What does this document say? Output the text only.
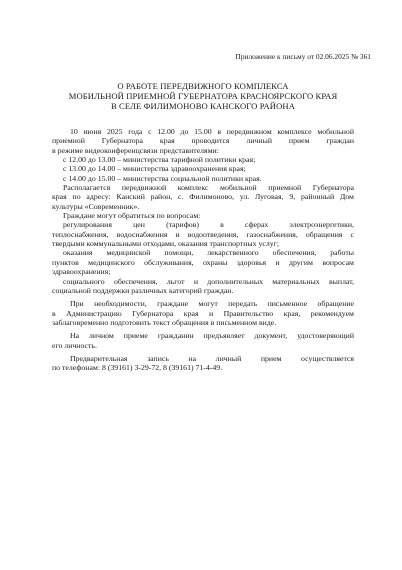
Приложение к письму от 02.06.2025 № 361
О РАБОТЕ ПЕРЕДВИЖНОГО КОМПЛЕКСА
МОБИЛЬНОЙ ПРИЕМНОЙ ГУБЕРНАТОРА КРАСНОЯРСКОГО КРАЯ
В СЕЛЕ ФИЛИМОНОВО КАНСКОГО РАЙОНА
10 июня 2025 года с 12.00 до 15.00 в передвижном комплексе мобильной
приемной Губернатора края проводится личный прием граждан
в режиме видеоконференцсвязи представителями:
с 12.00 до 13.00 – министерства тарифной политики края;
с 13.00 до 14.00 – министерства здравоохранения края;
с 14.00 до 15.00 – министерства социальной политики края.
Располагается передвижной комплекс мобильной приемной Губернатора
края по адресу: Канский район, с. Филимоново, ул. Луговая, 9, районный Дом
культуры «Современник».
Граждане могут обратиться по вопросам:
регулирования цен (тарифов) в сферах электроэнергетики,
теплоснабжения, водоснабжения и водоотведения, газоснабжения, обращения с
твердыми коммунальными отходами, оказания транспортных услуг;
оказания медицинской помощи, лекарственного обеспечения, работы
пунктов медицинского обслуживания, охраны здоровья и другим вопросам
здравоохранения;
социального обеспечения, льгот и дополнительных материальных выплат,
социальной поддержки различных категорий граждан.
При необходимости, граждане могут передать письменное обращение
в Администрацию Губернатора края и Правительство края, рекомендуем
заблаговременно подготовить текст обращения в письменном виде.
На личном приеме гражданин предъявляет документ, удостоверяющий
его личность.
Предварительная запись на личный прием осуществляется
по телефонам: 8 (39161) 3-29-72, 8 (39161) 71-4-49.
